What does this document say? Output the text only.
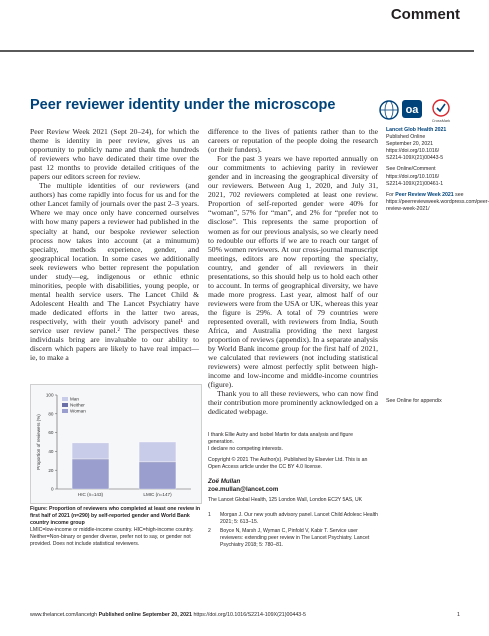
Comment
Peer reviewer identity under the microscope	oa
CrossMark

Peer Review Week 2021 (Sept 20–24), for which the theme is identity in peer review, gives us an opportunity to publicly name and thank the hundreds of reviewers who have dedicated their time over the past 12 months to provide detailed critiques of the papers our editors screen for review.

The multiple identities of our reviewers (and authors) has come rapidly into focus for us and for the other Lancet family of journals over the past 2–3 years. Where we may once only have concerned ourselves with how many papers a reviewer had published in the specialty at hand, our bespoke reviewer selection process now takes into account (at a minumum) specialty, methods experience, gender, and geographical location. In some cases we additionally seek reviewers who better represent the population under study—eg, indigenous or ethnic ethnic minorities, people with disabilities, young people, or mental health service users. The Lancet Child & Adolescent Health and The Lancet Psychiatry have made dedicated efforts in the latter two areas, respectively, with their youth advisory panel¹ and service user review panel.² The perspectives these individuals bring are invaluable to our ability to discern which papers are likely to have real impact—ie, to make a

difference to the lives of patients rather than to the careers or reputation of the people doing the research (or their funders).

For the past 3 years we have reported annually on our commitments to achieving parity in reviewer gender and in increasing the geographical diversity of our reviewers. Between Aug 1, 2020, and July 31, 2021, 702 reviewers completed at least one review. Proportion of self-reported gender were 40% for “woman”, 57% for “man”, and 2% for “prefer not to disclose”. This represents the same proportion of women as for our previous analysis, so we clearly need to redouble our efforts if we are to reach our target of 50% women reviewers. At our cross-journal manuscript meetings, editors are now reporting the specialty, country, and gender of all reviewers in their presentations, so this should help us to hold each other to account. In terms of geographical diversity, we have made more progress. Last year, almost half of our reviewers were from the USA or UK, whereas this year the figure is 29%. A total of 79 countries were represented overall, with reviewers from India, South Africa, and Australia providing the next largest proportion of reviews (appendix). In a separate analysis by World Bank income group for the first half of 2021, we calculated that reviewers (not including statistical reviewers) were almost perfectly split between high-income and low-income and middle-income countries (figure).

Thank you to all these reviewers, who can now find their contribution more prominently acknowledged on a dedicated webpage.

Lancet Glob Health 2021
Published Online
September 20, 2021
https://doi.org/10.1016/
S2214-109X(21)00443-5
See Online/Comment
https://doi.org/10.1016/
S2214-109X(21)00461-1
For Peer Review Week 2021 see https://peerreviewweek.wordpress.com/peer-review-week-2021/
See Online for appendix
0
20
40
60
80
100
Proportion of reviewers (%)
HIC (n=143)	LMIC (n=147)
Man
Neither
Woman
Figure: Proportion of reviewers who completed at least one review in first half of 2021 (n=290) by self-reported gender and World Bank country income group
LMIC=low-income or middle-income country. HIC=high-income country. Neither=Non-binary or gender diverse, prefer not to say, or gender not provided. Does not include statistical reviewers.

I thank Ellie Autry and Isobel Martin for data analysis and figure generation.

I declare no competing interests.

Copyright © 2021 The Author(s). Published by Elsevier Ltd. This is an Open Access article under the CC BY 4.0 license.

Zoë Mullan
zoe.mullan@lancet.com
The Lancet Global Health, 125 London Wall, London EC2Y 5AS, UK
1	Morgan J. Our new youth advisory panel. Lancet Child Adolesc Health 2021; 5: 613–15.
2	Boyce N, Marsh J, Wyman C, Pinfold V, Kabir T. Service user reviewers: extending peer review in The Lancet Psychiatry. Lancet Psychiatry 2018; 5: 780–81.
www.thelancet.com/lancetgh Published online September 20, 2021 https://doi.org/10.1016/S2214-109X(21)00443-5	1
